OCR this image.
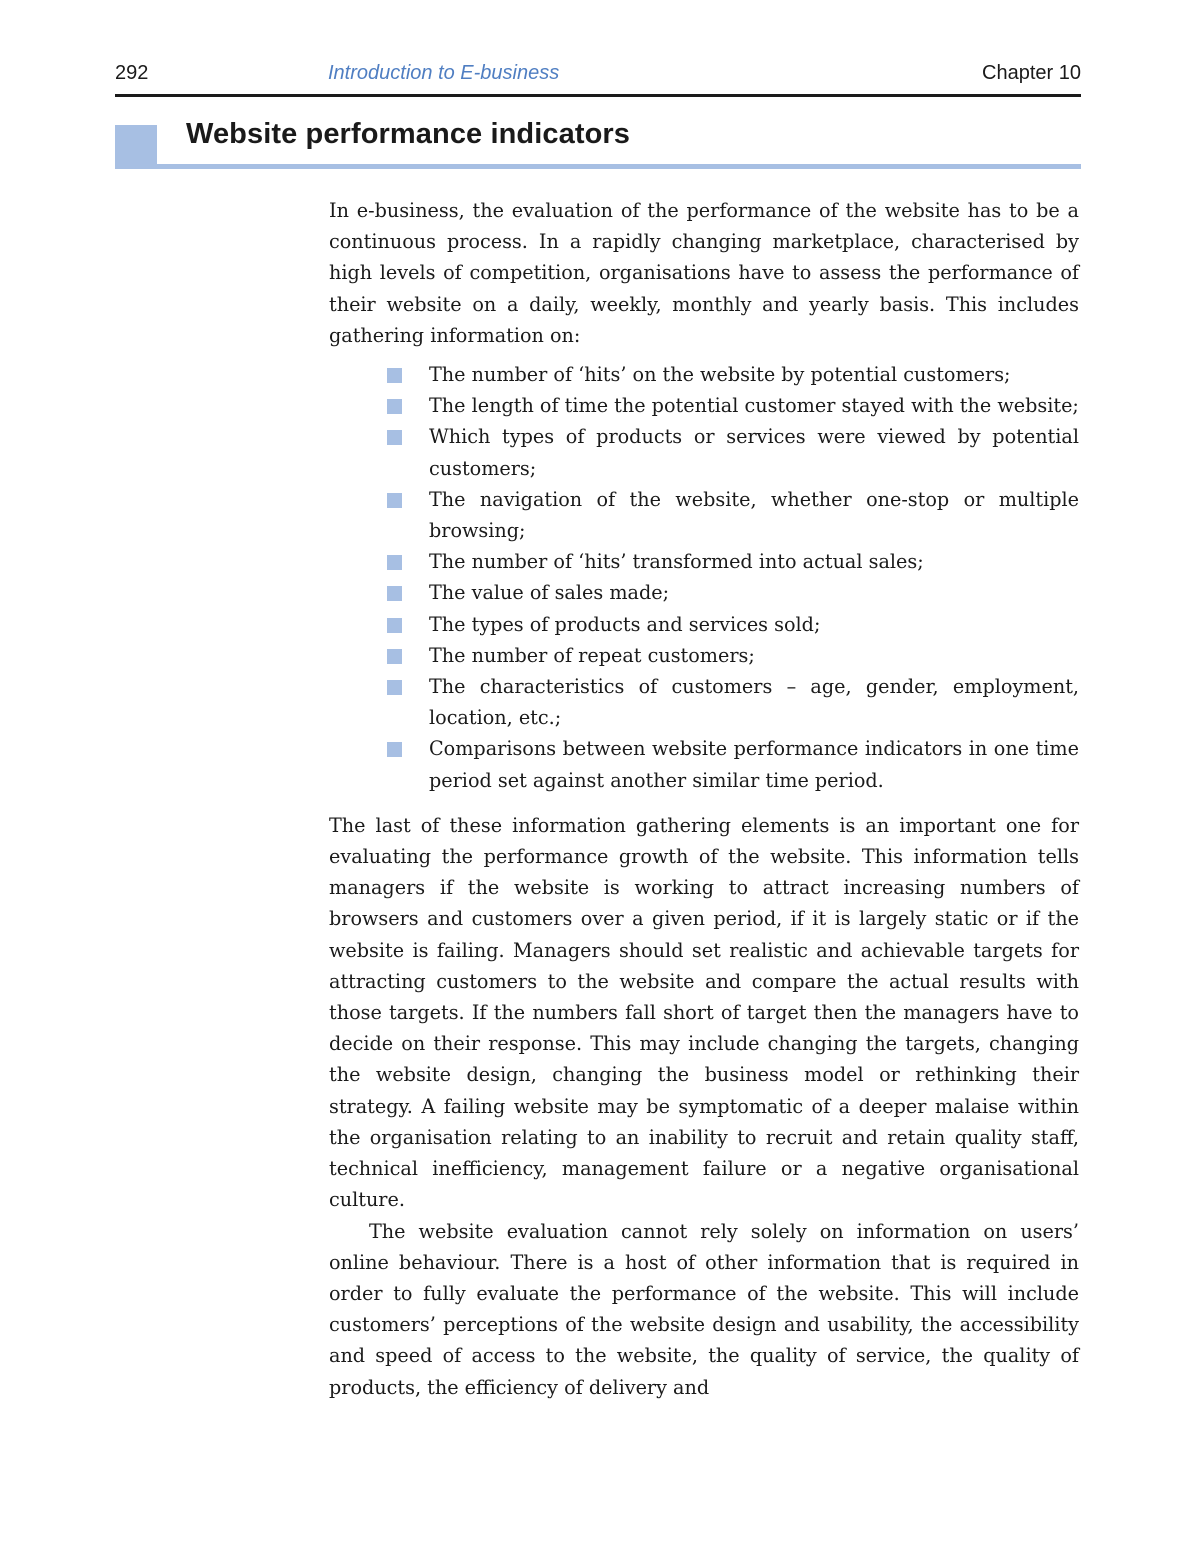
292	Introduction to E-business	Chapter 10
Website performance indicators

In e-business, the evaluation of the performance of the website has to be a continuous process. In a rapidly changing marketplace, characterised by high levels of competition, organisations have to assess the performance of their website on a daily, weekly, monthly and yearly basis. This includes gathering information on:

The number of ‘hits’ on the website by potential customers;
The length of time the potential customer stayed with the website;
Which types of products or services were viewed by potential customers;
The navigation of the website, whether one-stop or multiple browsing;
The number of ‘hits’ transformed into actual sales;
The value of sales made;
The types of products and services sold;
The number of repeat customers;
The characteristics of customers – age, gender, employment, location, etc.;
Comparisons between website performance indicators in one time period set against another similar time period.

The last of these information gathering elements is an important one for evaluating the performance growth of the website. This information tells managers if the website is working to attract increasing numbers of browsers and customers over a given period, if it is largely static or if the website is failing. Managers should set realistic and achievable targets for attracting customers to the website and compare the actual results with those targets. If the numbers fall short of target then the managers have to decide on their response. This may include changing the targets, changing the website design, changing the business model or rethinking their strategy. A failing website may be symptomatic of a deeper malaise within the organisation relating to an inability to recruit and retain quality staff, technical inefficiency, management failure or a negative organisational culture.

The website evaluation cannot rely solely on information on users’ online behaviour. There is a host of other information that is required in order to fully evaluate the performance of the website. This will include customers’ perceptions of the website design and usability, the accessibility and speed of access to the website, the quality of service, the quality of products, the efficiency of delivery and
